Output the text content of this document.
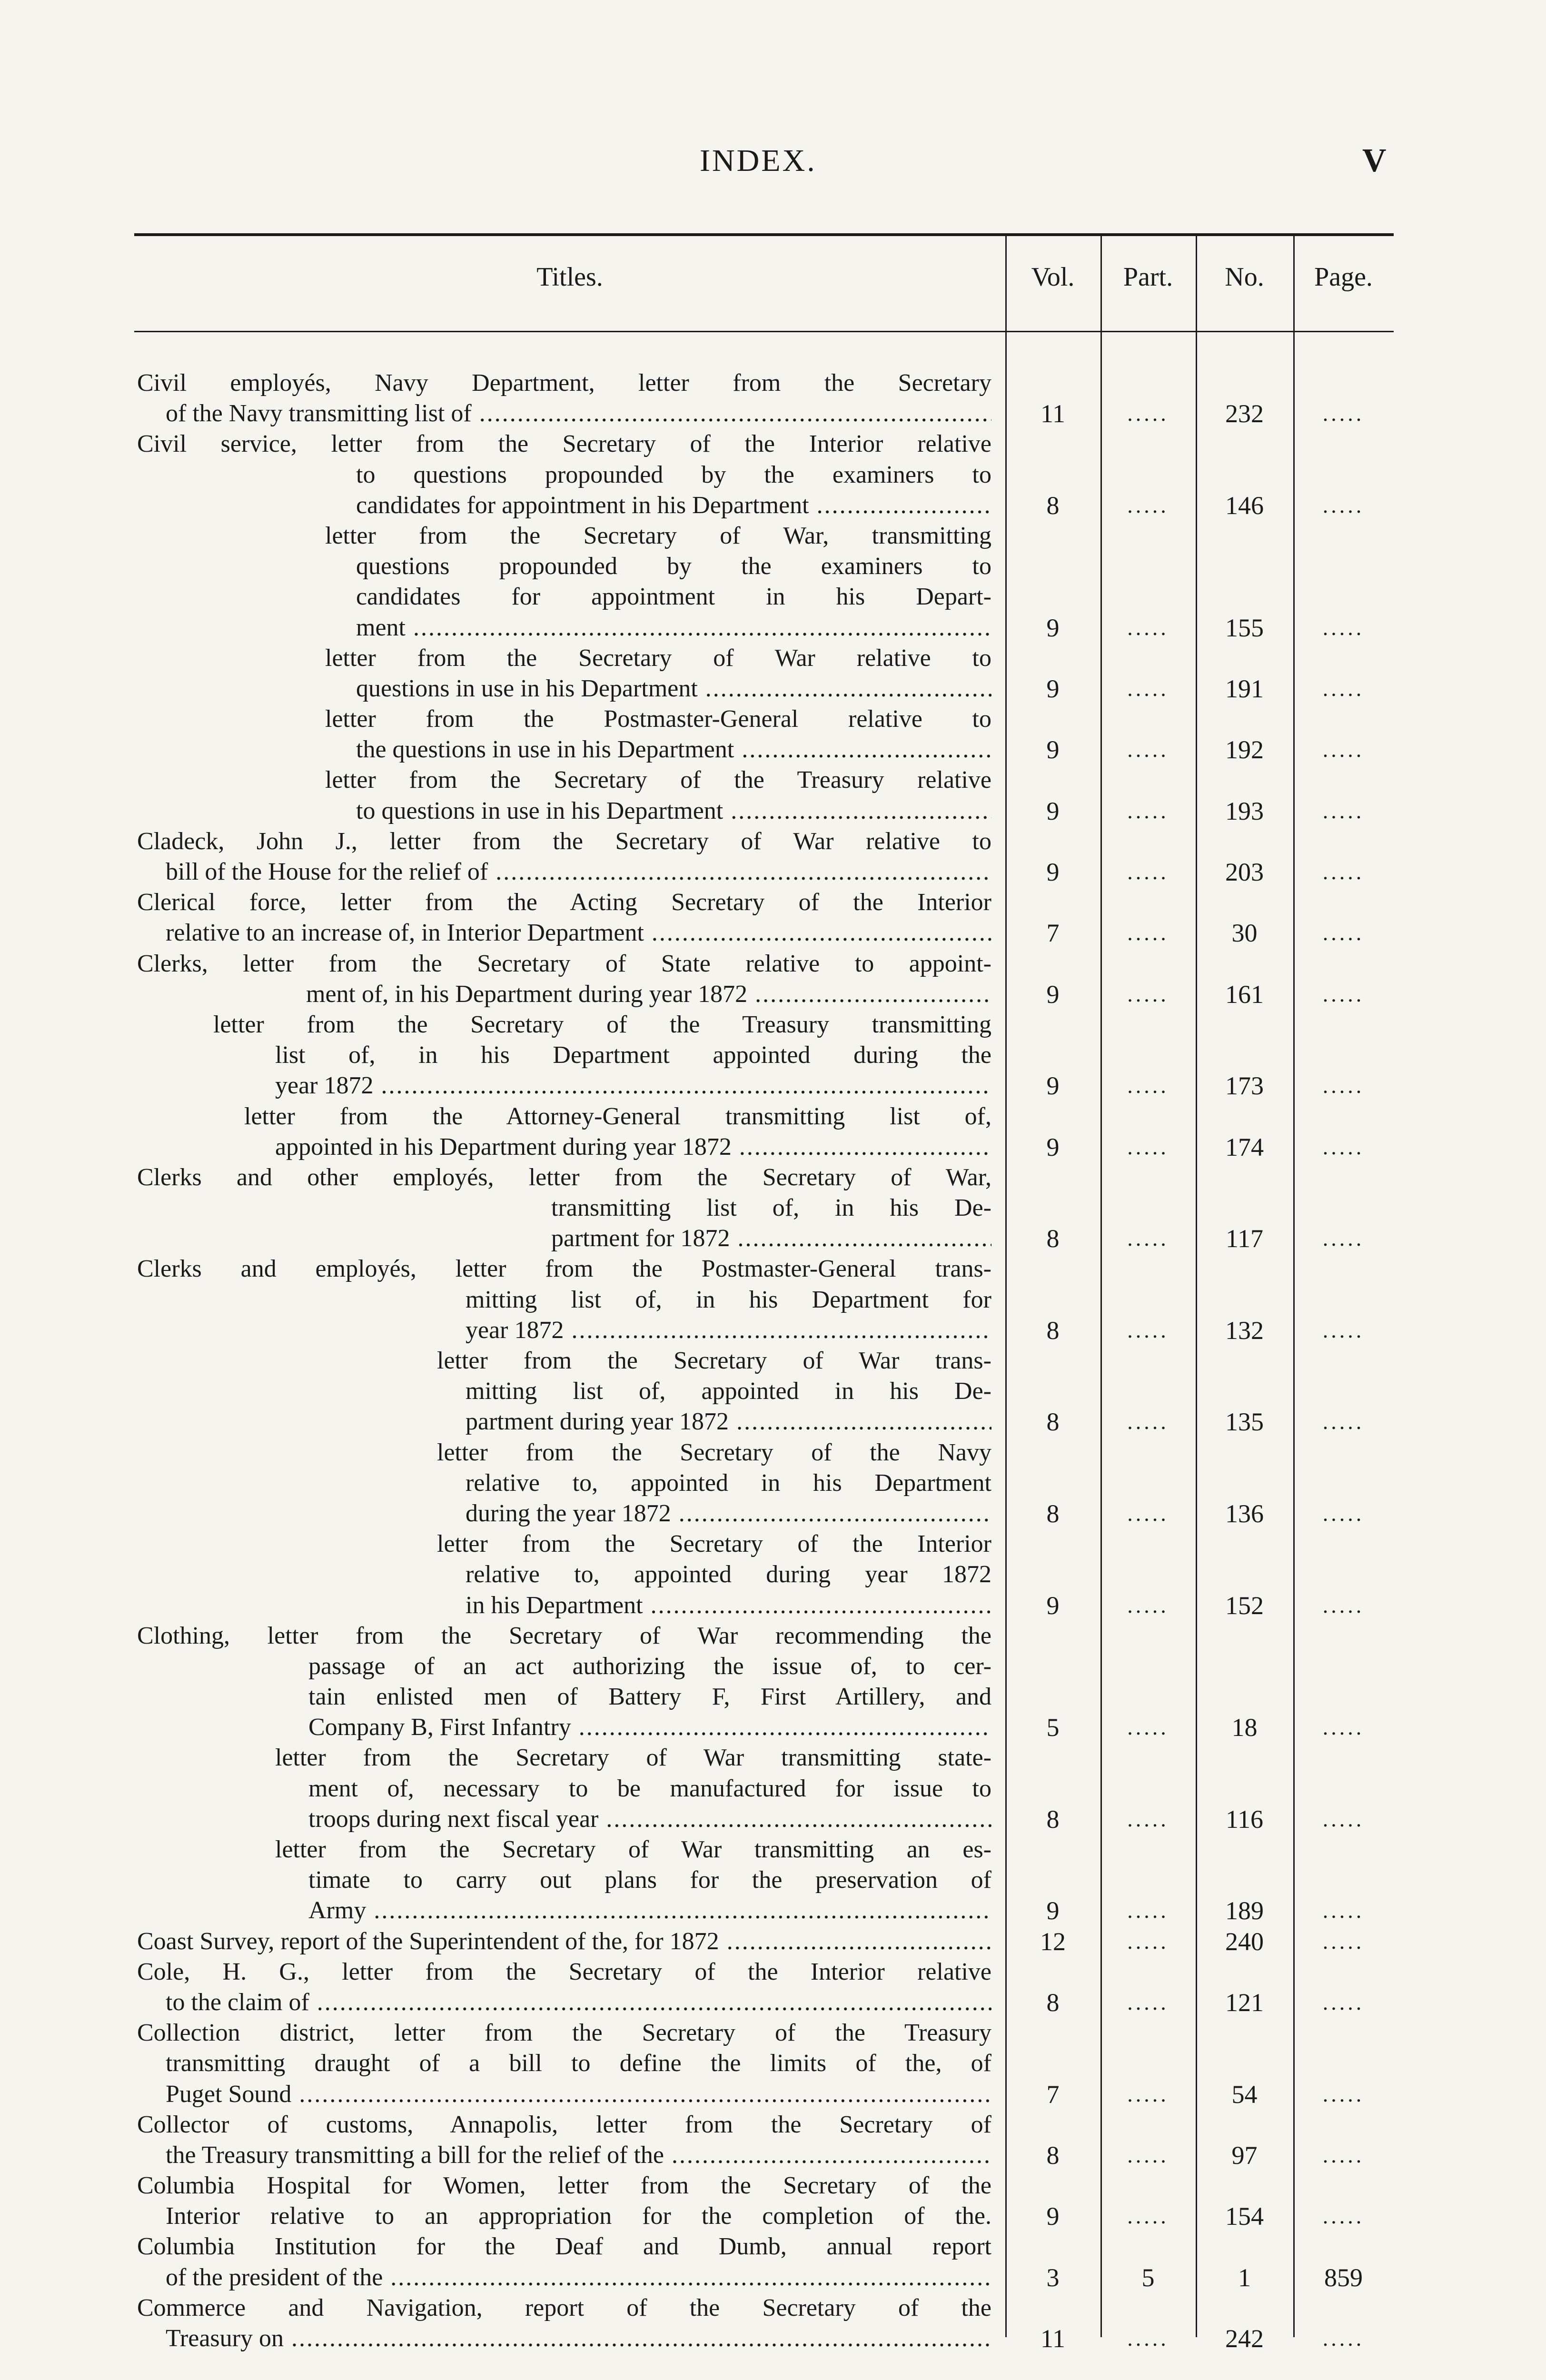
INDEX.	V
Titles.	Vol.	Part.	No.	Page.
Civil employés, Navy Department, letter from the Secretary
of the Navy transmitting list of .....	11	.....	232	.....
Civil service, letter from the Secretary of the Interior relative
to questions propounded by the examiners to
candidates for appointment in his Department .....	8	.....	146	.....
letter from the Secretary of War, transmitting
questions propounded by the examiners to
candidates for appointment in his Depart-
ment .....	9	.....	155	.....
letter from the Secretary of War relative to
questions in use in his Department .....	9	.....	191	.....
letter from the Postmaster-General relative to
the questions in use in his Department .....	9	.....	192	.....
letter from the Secretary of the Treasury relative
to questions in use in his Department .....	9	.....	193	.....
Cladeck, John J., letter from the Secretary of War relative to
bill of the House for the relief of .....	9	.....	203	.....
Clerical force, letter from the Acting Secretary of the Interior
relative to an increase of, in Interior Department .....	7	.....	30	.....
Clerks, letter from the Secretary of State relative to appoint-
ment of, in his Department during year 1872 .....	9	.....	161	.....
letter from the Secretary of the Treasury transmitting
list of, in his Department appointed during the
year 1872 .....	9	.....	173	.....
letter from the Attorney-General transmitting list of,
appointed in his Department during year 1872 .....	9	.....	174	.....
Clerks and other employés, letter from the Secretary of War,
transmitting list of, in his De-
partment for 1872 .....	8	.....	117	.....
Clerks and employés, letter from the Postmaster-General trans-
mitting list of, in his Department for
year 1872 .....	8	.....	132	.....
letter from the Secretary of War trans-
mitting list of, appointed in his De-
partment during year 1872 .....	8	.....	135	.....
letter from the Secretary of the Navy
relative to, appointed in his Department
during the year 1872 .....	8	.....	136	.....
letter from the Secretary of the Interior
relative to, appointed during year 1872
in his Department .....	9	.....	152	.....
Clothing, letter from the Secretary of War recommending the
passage of an act authorizing the issue of, to cer-
tain enlisted men of Battery F, First Artillery, and
Company B, First Infantry .....	5	.....	18	.....
letter from the Secretary of War transmitting state-
ment of, necessary to be manufactured for issue to
troops during next fiscal year .....	8	.....	116	.....
letter from the Secretary of War transmitting an es-
timate to carry out plans for the preservation of
Army .....	9	.....	189	.....
Coast Survey, report of the Superintendent of the, for 1872 .....	12	.....	240	.....
Cole, H. G., letter from the Secretary of the Interior relative
to the claim of .....	8	.....	121	.....
Collection district, letter from the Secretary of the Treasury
transmitting draught of a bill to define the limits of the, of
Puget Sound .....	7	.....	54	.....
Collector of customs, Annapolis, letter from the Secretary of
the Treasury transmitting a bill for the relief of the .....	8	.....	97	.....
Columbia Hospital for Women, letter from the Secretary of the
Interior relative to an appropriation for the completion of the.	9	.....	154	.....
Columbia Institution for the Deaf and Dumb, annual report
of the president of the .....	3	5	1	859
Commerce and Navigation, report of the Secretary of the
Treasury on .....	11	.....	242	.....
